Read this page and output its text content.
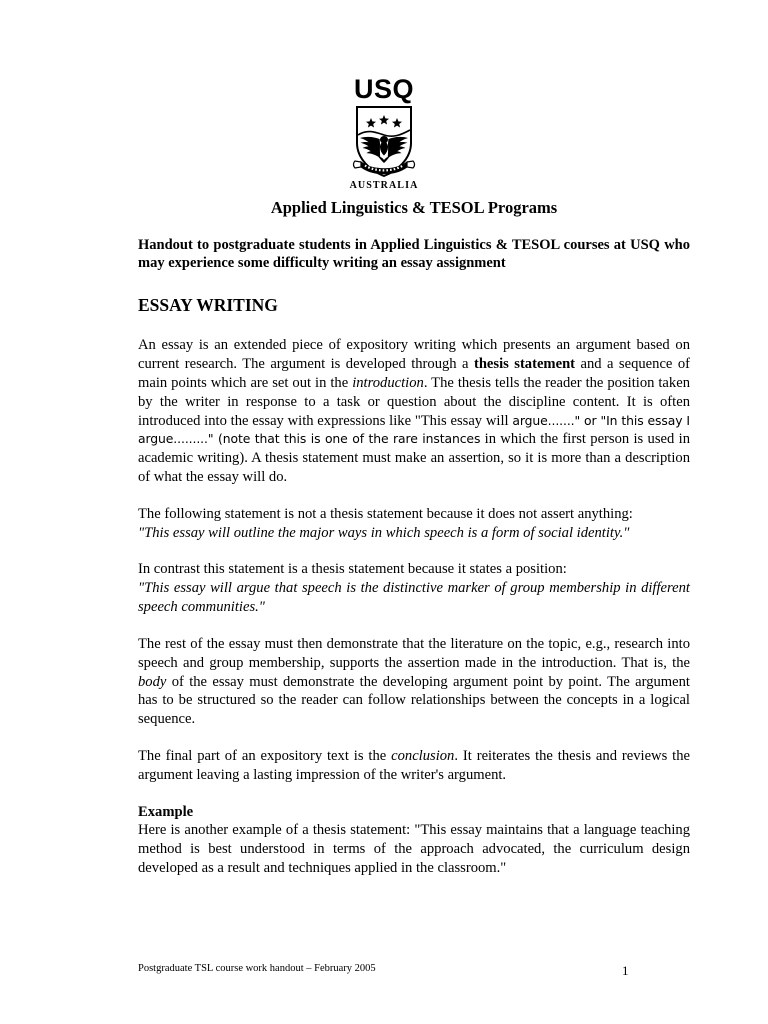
USQ
AUSTRALIA
Applied Linguistics & TESOL Programs

Handout to postgraduate students in Applied Linguistics & TESOL courses at USQ who may experience some difficulty writing an essay assignment

ESSAY WRITING

An essay is an extended piece of expository writing which presents an argument based on current research. The argument is developed through a thesis statement and a sequence of main points which are set out in the introduction. The thesis tells the reader the position taken by the writer in response to a task or question about the discipline content. It is often introduced into the essay with expressions like "This essay will argue......." or "In this essay I argue........." (note that this is one of the rare instances in which the first person is used in academic writing). A thesis statement must make an assertion, so it is more than a description of what the essay will do.

The following statement is not a thesis statement because it does not assert anything:

"This essay will outline the major ways in which speech is a form of social identity."

In contrast this statement is a thesis statement because it states a position:

"This essay will argue that speech is the distinctive marker of group membership in different speech communities."

The rest of the essay must then demonstrate that the literature on the topic, e.g., research into speech and group membership, supports the assertion made in the introduction. That is, the body of the essay must demonstrate the developing argument point by point. The argument has to be structured so the reader can follow relationships between the concepts in a logical sequence.

The final part of an expository text is the conclusion. It reiterates the thesis and reviews the argument leaving a lasting impression of the writer's argument.

Example

Here is another example of a thesis statement: "This essay maintains that a language teaching method is best understood in terms of the approach advocated, the curriculum design developed as a result and techniques applied in the classroom."

Postgraduate TSL course work handout – February 2005	1
